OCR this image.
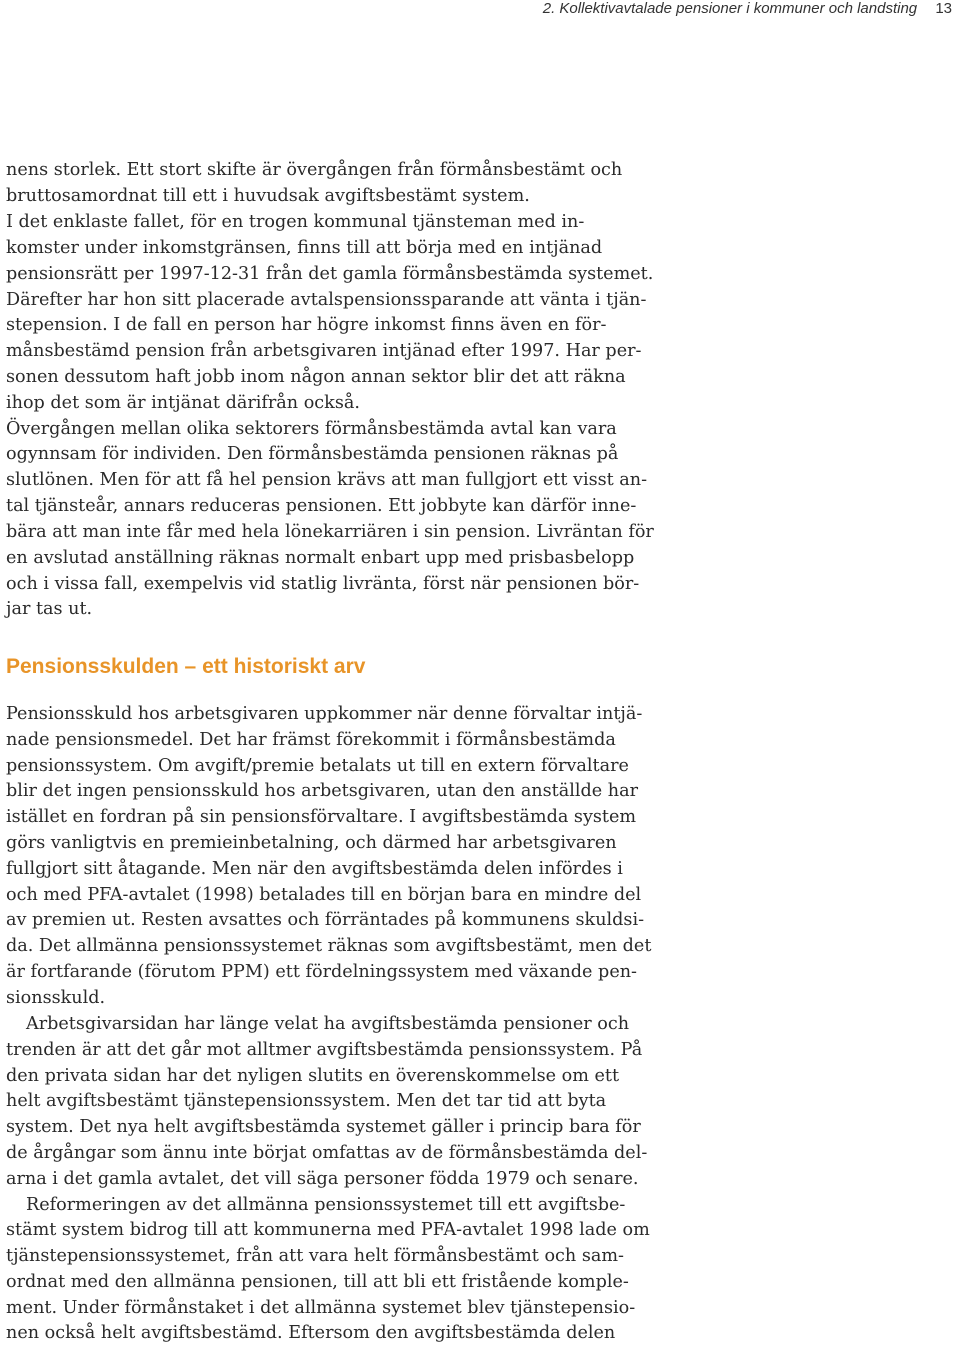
2. Kollektivavtalade pensioner i kommuner och landsting 13
nens storlek. Ett stort skifte är övergången från förmånsbestämt och
bruttosamordnat till ett i huvudsak avgiftsbestämt system.
I det enklaste fallet, för en trogen kommunal tjänsteman med in-
komster under inkomstgränsen, finns till att börja med en intjänad
pensionsrätt per 1997-12-31 från det gamla förmånsbestämda systemet.
Därefter har hon sitt placerade avtalspensionssparande att vänta i tjän-
stepension. I de fall en person har högre inkomst finns även en för-
månsbestämd pension från arbetsgivaren intjänad efter 1997. Har per-
sonen dessutom haft jobb inom någon annan sektor blir det att räkna
ihop det som är intjänat därifrån också.
Övergången mellan olika sektorers förmånsbestämda avtal kan vara
ogynnsam för individen. Den förmånsbestämda pensionen räknas på
slutlönen. Men för att få hel pension krävs att man fullgjort ett visst an-
tal tjänsteår, annars reduceras pensionen. Ett jobbyte kan därför inne-
bära att man inte får med hela lönekarriären i sin pension. Livräntan för
en avslutad anställning räknas normalt enbart upp med prisbasbelopp
och i vissa fall, exempelvis vid statlig livränta, först när pensionen bör-
jar tas ut.
Pensionsskulden – ett historiskt arv
Pensionsskuld hos arbetsgivaren uppkommer när denne förvaltar intjä-
nade pensionsmedel. Det har främst förekommit i förmånsbestämda
pensionssystem. Om avgift/premie betalats ut till en extern förvaltare
blir det ingen pensionsskuld hos arbetsgivaren, utan den anställde har
istället en fordran på sin pensionsförvaltare. I avgiftsbestämda system
görs vanligtvis en premieinbetalning, och därmed har arbetsgivaren
fullgjort sitt åtagande. Men när den avgiftsbestämda delen infördes i
och med PFA-avtalet (1998) betalades till en början bara en mindre del
av premien ut. Resten avsattes och förräntades på kommunens skuldsi-
da. Det allmänna pensionssystemet räknas som avgiftsbestämt, men det
är fortfarande (förutom PPM) ett fördelningssystem med växande pen-
sionsskuld.
Arbetsgivarsidan har länge velat ha avgiftsbestämda pensioner och
trenden är att det går mot alltmer avgiftsbestämda pensionssystem. På
den privata sidan har det nyligen slutits en överenskommelse om ett
helt avgiftsbestämt tjänstepensionssystem. Men det tar tid att byta
system. Det nya helt avgiftsbestämda systemet gäller i princip bara för
de årgångar som ännu inte börjat omfattas av de förmånsbestämda del-
arna i det gamla avtalet, det vill säga personer födda 1979 och senare.
Reformeringen av det allmänna pensionssystemet till ett avgiftsbe-
stämt system bidrog till att kommunerna med PFA-avtalet 1998 lade om
tjänstepensionssystemet, från att vara helt förmånsbestämt och sam-
ordnat med den allmänna pensionen, till att bli ett fristående komple-
ment. Under förmånstaket i det allmänna systemet blev tjänstepensio-
nen också helt avgiftsbestämd. Eftersom den avgiftsbestämda delen
